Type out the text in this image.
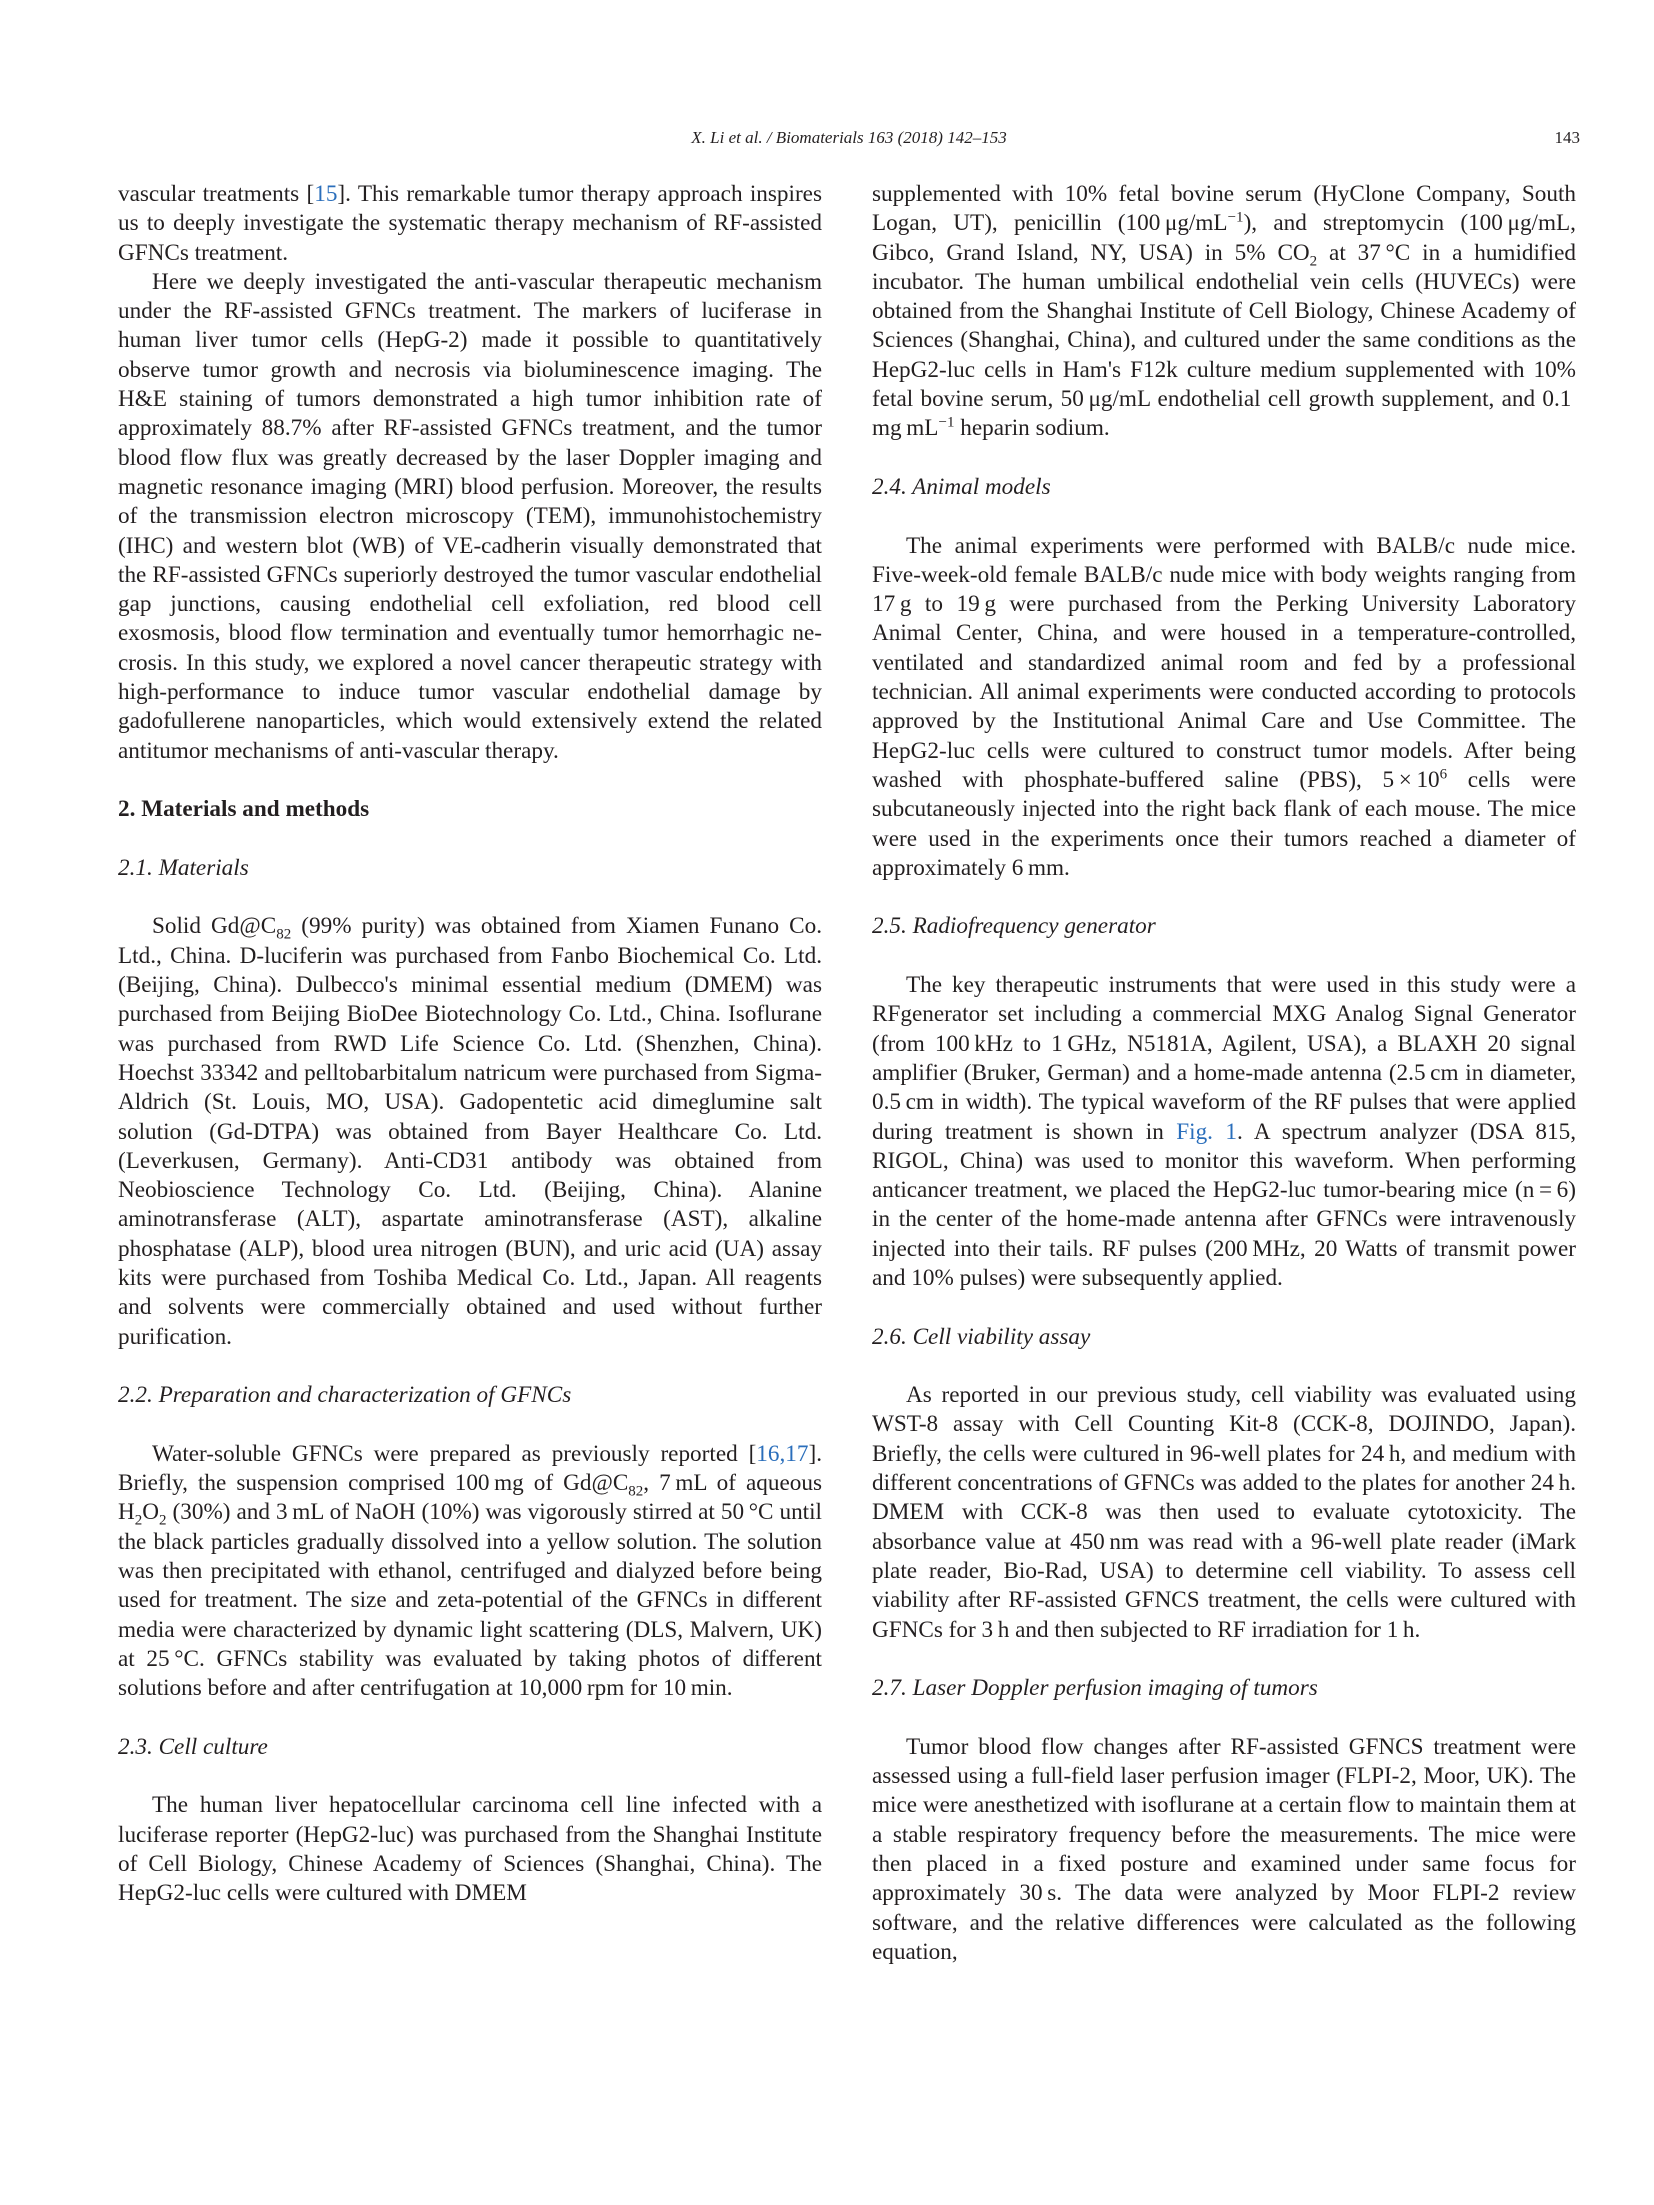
X. Li et al. / Biomaterials 163 (2018) 142–153	143

vascular treatments [15]. This remarkable tumor therapy approach inspires us to deeply investigate the systematic therapy mechanism of RF-assisted GFNCs treatment.

Here we deeply investigated the anti-vascular therapeutic mechanism under the RF-assisted GFNCs treatment. The markers of luciferase in human liver tumor cells (HepG-2) made it possible to quantitatively observe tumor growth and necrosis via bioluminescence imaging. The H&E staining of tumors demonstrated a high tumor inhibition rate of approximately 88.7% after RF-assisted GFNCs treatment, and the tumor blood flow flux was greatly decreased by the laser Doppler imaging and magnetic resonance imaging (MRI) blood perfusion. Moreover, the results of the transmission electron microscopy (TEM), immunohistochemistry (IHC) and western blot (WB) of VE-cadherin visually demonstrated that the RF-assisted GFNCs superiorly destroyed the tumor vascular endothelial gap junctions, causing endothelial cell exfoliation, red blood cell exosmosis, blood flow termination and eventually tumor hemorrhagic necrosis. In this study, we explored a novel cancer therapeutic strategy with high-performance to induce tumor vascular endothelial damage by gadofullerene nanoparticles, which would extensively extend the related antitumor mechanisms of anti-vascular therapy.

2. Materials and methods
2.1. Materials

Solid $Gd@C_{82}$ (99% purity) was obtained from Xiamen Funano Co. Ltd., China. D-luciferin was purchased from Fanbo Biochemical Co. Ltd. (Beijing, China). Dulbecco's minimal essential medium (DMEM) was purchased from Beijing BioDee Biotechnology Co. Ltd., China. Isoflurane was purchased from RWD Life Science Co. Ltd. (Shenzhen, China). Hoechst 33342 and pelltobarbitalum natricum were purchased from Sigma-Aldrich (St. Louis, MO, USA). Gadopentetic acid dimeglumine salt solution (Gd-DTPA) was obtained from Bayer Healthcare Co. Ltd. (Leverkusen, Germany). Anti-CD31 antibody was obtained from Neobioscience Technology Co. Ltd. (Beijing, China). Alanine aminotransferase (ALT), aspartate aminotransferase (AST), alkaline phosphatase (ALP), blood urea nitrogen (BUN), and uric acid (UA) assay kits were purchased from Toshiba Medical Co. Ltd., Japan. All reagents and solvents were commercially obtained and used without further purification.

2.2. Preparation and characterization of GFNCs

Water-soluble GFNCs were prepared as previously reported [16,17]. Briefly, the suspension comprised 100 mg of $Gd@C_{82}$, 7 mL of aqueous $H_2O_2$ (30%) and 3 mL of NaOH (10%) was vigorously stirred at 50 °C until the black particles gradually dissolved into a yellow solution. The solution was then precipitated with ethanol, centrifuged and dialyzed before being used for treatment. The size and zeta-potential of the GFNCs in different media were characterized by dynamic light scattering (DLS, Malvern, UK) at 25 °C. GFNCs stability was evaluated by taking photos of different solutions before and after centrifugation at 10,000 rpm for 10 min.

2.3. Cell culture

The human liver hepatocellular carcinoma cell line infected with a luciferase reporter (HepG2-luc) was purchased from the Shanghai Institute of Cell Biology, Chinese Academy of Sciences (Shanghai, China). The HepG2-luc cells were cultured with DMEM

supplemented with 10% fetal bovine serum (HyClone Company, South Logan, UT), penicillin (100 $\mu g/mL^{-1}$), and streptomycin (100 μg/mL, Gibco, Grand Island, NY, USA) in 5% $CO_2$ at 37 °C in a humidified incubator. The human umbilical endothelial vein cells (HUVECs) were obtained from the Shanghai Institute of Cell Biology, Chinese Academy of Sciences (Shanghai, China), and cultured under the same conditions as the HepG2-luc cells in Ham's F12k culture medium supplemented with 10% fetal bovine serum, 50 μg/mL endothelial cell growth supplement, and 0.1 mg $mL^{-1}$ heparin sodium.

2.4. Animal models

The animal experiments were performed with BALB/c nude mice. Five-week-old female BALB/c nude mice with body weights ranging from 17 g to 19 g were purchased from the Perking University Laboratory Animal Center, China, and were housed in a temperature-controlled, ventilated and standardized animal room and fed by a professional technician. All animal experiments were conducted according to protocols approved by the Institutional Animal Care and Use Committee. The HepG2-luc cells were cultured to construct tumor models. After being washed with phosphate-buffered saline (PBS), $5 \times 10^6$ cells were subcutaneously injected into the right back flank of each mouse. The mice were used in the experiments once their tumors reached a diameter of approximately 6 mm.

2.5. Radiofrequency generator

The key therapeutic instruments that were used in this study were a RFgenerator set including a commercial MXG Analog Signal Generator (from 100 kHz to 1 GHz, N5181A, Agilent, USA), a BLAXH 20 signal amplifier (Bruker, German) and a home-made antenna (2.5 cm in diameter, 0.5 cm in width). The typical waveform of the RF pulses that were applied during treatment is shown in Fig. 1. A spectrum analyzer (DSA 815, RIGOL, China) was used to monitor this waveform. When performing anticancer treatment, we placed the HepG2-luc tumor-bearing mice (n = 6) in the center of the home-made antenna after GFNCs were intravenously injected into their tails. RF pulses (200 MHz, 20 Watts of transmit power and 10% pulses) were subsequently applied.

2.6. Cell viability assay

As reported in our previous study, cell viability was evaluated using WST-8 assay with Cell Counting Kit-8 (CCK-8, DOJINDO, Japan). Briefly, the cells were cultured in 96-well plates for 24 h, and medium with different concentrations of GFNCs was added to the plates for another 24 h. DMEM with CCK-8 was then used to evaluate cytotoxicity. The absorbance value at 450 nm was read with a 96-well plate reader (iMark plate reader, Bio-Rad, USA) to determine cell viability. To assess cell viability after RF-assisted GFNCS treatment, the cells were cultured with GFNCs for 3 h and then subjected to RF irradiation for 1 h.

2.7. Laser Doppler perfusion imaging of tumors

Tumor blood flow changes after RF-assisted GFNCS treatment were assessed using a full-field laser perfusion imager (FLPI-2, Moor, UK). The mice were anesthetized with isoflurane at a certain flow to maintain them at a stable respiratory frequency before the measurements. The mice were then placed in a fixed posture and examined under same focus for approximately 30 s. The data were analyzed by Moor FLPI-2 review software, and the relative differences were calculated as the following equation,
